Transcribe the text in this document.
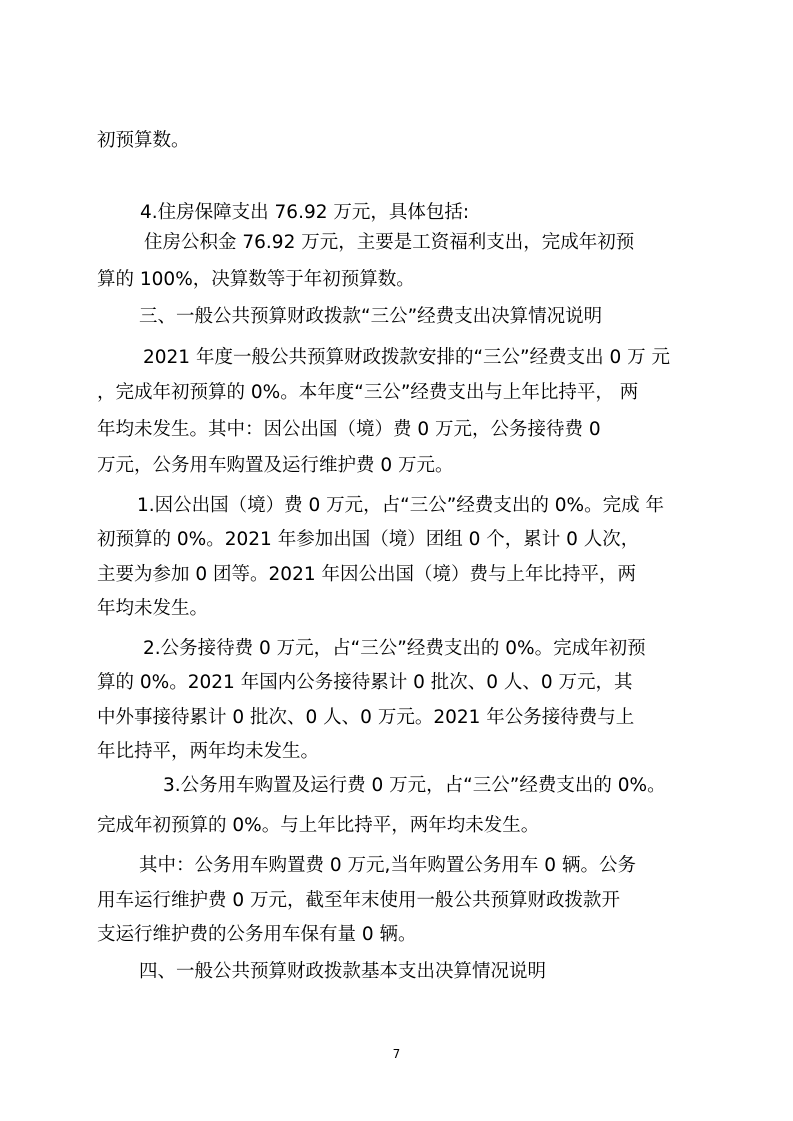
初预算数。
4.住房保障支出 76.92 万元，具体包括:
住房公积金 76.92 万元，主要是工资福利支出，完成年初预
算的 100%，决算数等于年初预算数。
三、一般公共预算财政拨款“三公”经费支出决算情况说明
2021 年度一般公共预算财政拨款安排的“三公”经费支出 0 万 元
，完成年初预算的 0%。本年度“三公”经费支出与上年比持平， 两
年均未发生。其中：因公出国（境）费 0 万元，公务接待费 0
万元，公务用车购置及运行维护费 0 万元。
1.因公出国（境）费 0 万元，占“三公”经费支出的 0%。完成 年
初预算的 0%。2021 年参加出国（境）团组 0 个，累计 0 人次，
主要为参加 0 团等。2021 年因公出国（境）费与上年比持平，两
年均未发生。
2.公务接待费 0 万元，占“三公”经费支出的 0%。完成年初预
算的 0%。2021 年国内公务接待累计 0 批次、0 人、0 万元，其
中外事接待累计 0 批次、0 人、0 万元。2021 年公务接待费与上
年比持平，两年均未发生。
3.公务用车购置及运行费 0 万元，占“三公”经费支出的 0%。
完成年初预算的 0%。与上年比持平，两年均未发生。
其中：公务用车购置费 0 万元,当年购置公务用车 0 辆。公务
用车运行维护费 0 万元，截至年末使用一般公共预算财政拨款开
支运行维护费的公务用车保有量 0 辆。
四、一般公共预算财政拨款基本支出决算情况说明
7
